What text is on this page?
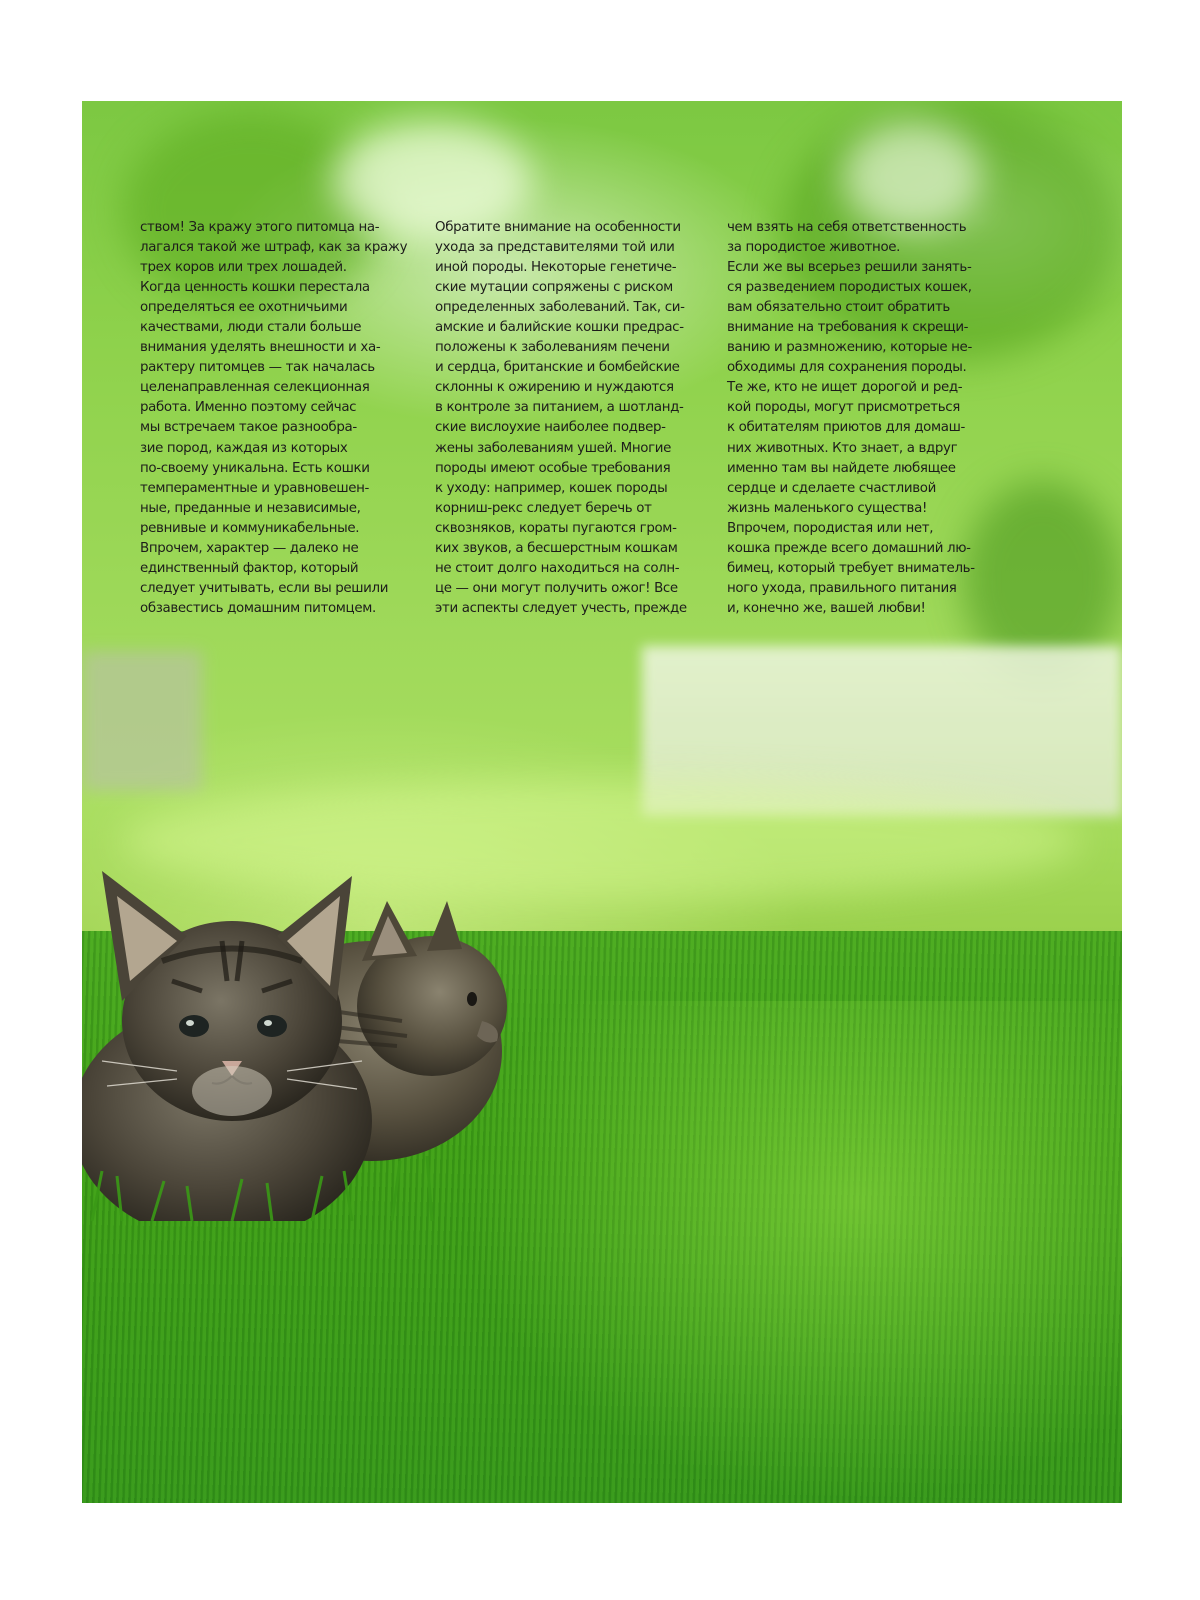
ством! За кражу этого питомца на-
лагался такой же штраф, как за кражу
трех коров или трех лошадей.
Когда ценность кошки перестала
определяться ее охотничьими
качествами, люди стали больше
внимания уделять внешности и ха-
рактеру питомцев — так началась
целенаправленная селекционная
работа. Именно поэтому сейчас
мы встречаем такое разнообра-
зие пород, каждая из которых
по-своему уникальна. Есть кошки
темпераментные и уравновешен-
ные, преданные и независимые,
ревнивые и коммуникабельные.
Впрочем, характер — далеко не
единственный фактор, который
следует учитывать, если вы решили
обзавестись домашним питомцем.
Обратите внимание на особенности
ухода за представителями той или
иной породы. Некоторые генетиче-
ские мутации сопряжены с риском
определенных заболеваний. Так, си-
амские и балийские кошки предрас-
положены к заболеваниям печени
и сердца, британские и бомбейские
склонны к ожирению и нуждаются
в контроле за питанием, а шотланд-
ские вислоухие наиболее подвер-
жены заболеваниям ушей. Многие
породы имеют особые требования
к уходу: например, кошек породы
корниш-рекс следует беречь от
сквозняков, кораты пугаются гром-
ких звуков, а бесшерстным кошкам
не стоит долго находиться на солн-
це — они могут получить ожог! Все
эти аспекты следует учесть, прежде
чем взять на себя ответственность
за породистое животное.
Если же вы всерьез решили занять-
ся разведением породистых кошек,
вам обязательно стоит обратить
внимание на требования к скрещи-
ванию и размножению, которые не-
обходимы для сохранения породы.
Те же, кто не ищет дорогой и ред-
кой породы, могут присмотреться
к обитателям приютов для домаш-
них животных. Кто знает, а вдруг
именно там вы найдете любящее
сердце и сделаете счастливой
жизнь маленького существа!
Впрочем, породистая или нет,
кошка прежде всего домашний лю-
бимец, который требует вниматель-
ного ухода, правильного питания
и, конечно же, вашей любви!
